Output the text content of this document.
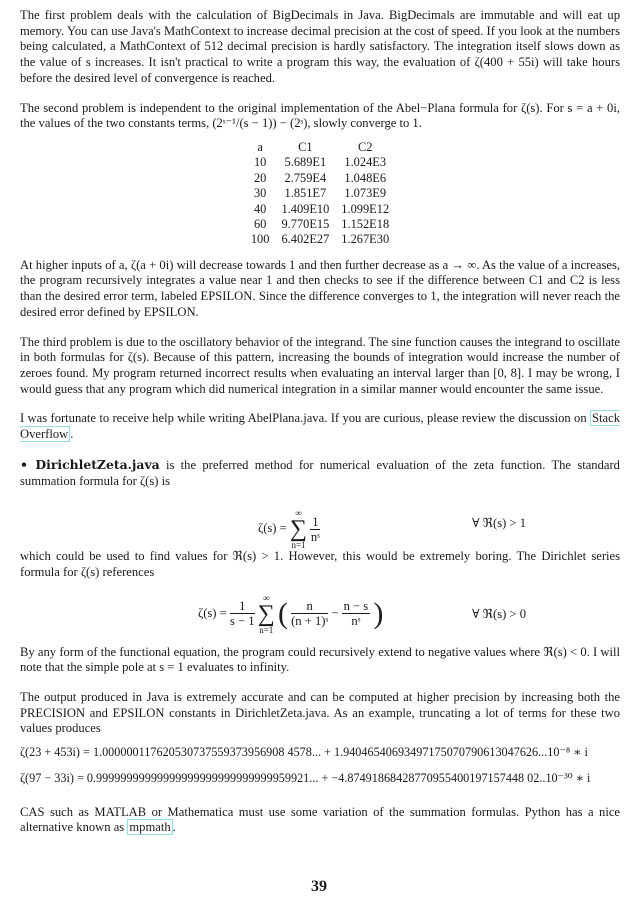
The first problem deals with the calculation of BigDecimals in Java. BigDecimals are immutable and will eat up memory. You can use Java's MathContext to increase decimal precision at the cost of speed. If you look at the numbers being calculated, a MathContext of 512 decimal precision is hardly satisfactory. The integration itself slows down as the value of s increases. It isn't practical to write a program this way, the evaluation of ζ(400 + 55i) will take hours before the desired level of convergence is reached.

The second problem is independent to the original implementation of the Abel−Plana formula for ζ(s). For s = a + 0i, the values of the two constants terms, (2ˢ⁻¹/(s − 1)) − (2ˢ), slowly converge to 1.

a	C1	C2
10	5.689E1	1.024E3
20	2.759E4	1.048E6
30	1.851E7	1.073E9
40	1.409E10	1.099E12
60	9.770E15	1.152E18
100	6.402E27	1.267E30

At higher inputs of a, ζ(a + 0i) will decrease towards 1 and then further decrease as a → ∞. As the value of a increases, the program recursively integrates a value near 1 and then checks to see if the difference between C1 and C2 is less than the desired error term, labeled EPSILON. Since the difference converges to 1, the integration will never reach the desired error defined by EPSILON.

The third problem is due to the oscillatory behavior of the integrand. The sine function causes the integrand to oscillate in both formulas for ζ(s). Because of this pattern, increasing the bounds of integration would increase the number of zeroes found. My program returned incorrect results when evaluating an interval larger than [0, 8]. I may be wrong, I would guess that any program which did numerical integration in a similar manner would encounter the same issue.

I was fortunate to receive help while writing AbelPlana.java. If you are curious, please review the discussion on Stack Overflow .

• DirichletZeta.java is the preferred method for numerical evaluation of the zeta function. The standard summation formula for ζ(s) is

ζ(s) =
∞
∑
n=1

$\frac{1}{\text{nˢ}}$	∀ ℜ(s) > 1

which could be used to find values for ℜ(s) > 1. However, this would be extremely boring. The Dirichlet series formula for ζ(s) references

$\zeta(s) = \frac{1}{s - 1}$

∞
∑
n=1 ( $\frac{n}{\text{(n + 1)ˢ}} - \frac{n - s}{\text{nˢ}}$ )	∀ ℜ(s) > 0

By any form of the functional equation, the program could recursively extend to negative values where ℜ(s) < 0. I will note that the simple pole at s = 1 evaluates to infinity.

The output produced in Java is extremely accurate and can be computed at higher precision by increasing both the PRECISION and EPSILON constants in DirichletZeta.java. As an example, truncating a lot of terms for these two values produces

ζ(23 + 453i) = 1.000000117620530737559373956908 4578... + 1.94046540693497175070790613047626...10⁻⁸ ∗ i
ζ(97 − 33i) = 0.99999999999999999999999999999959921... + −4.87491868428770955400197157448 02..10⁻³⁰ ∗ i

CAS such as MATLAB or Mathematica must use some variation of the summation formulas. Python has a nice alternative known as mpmath .

39
